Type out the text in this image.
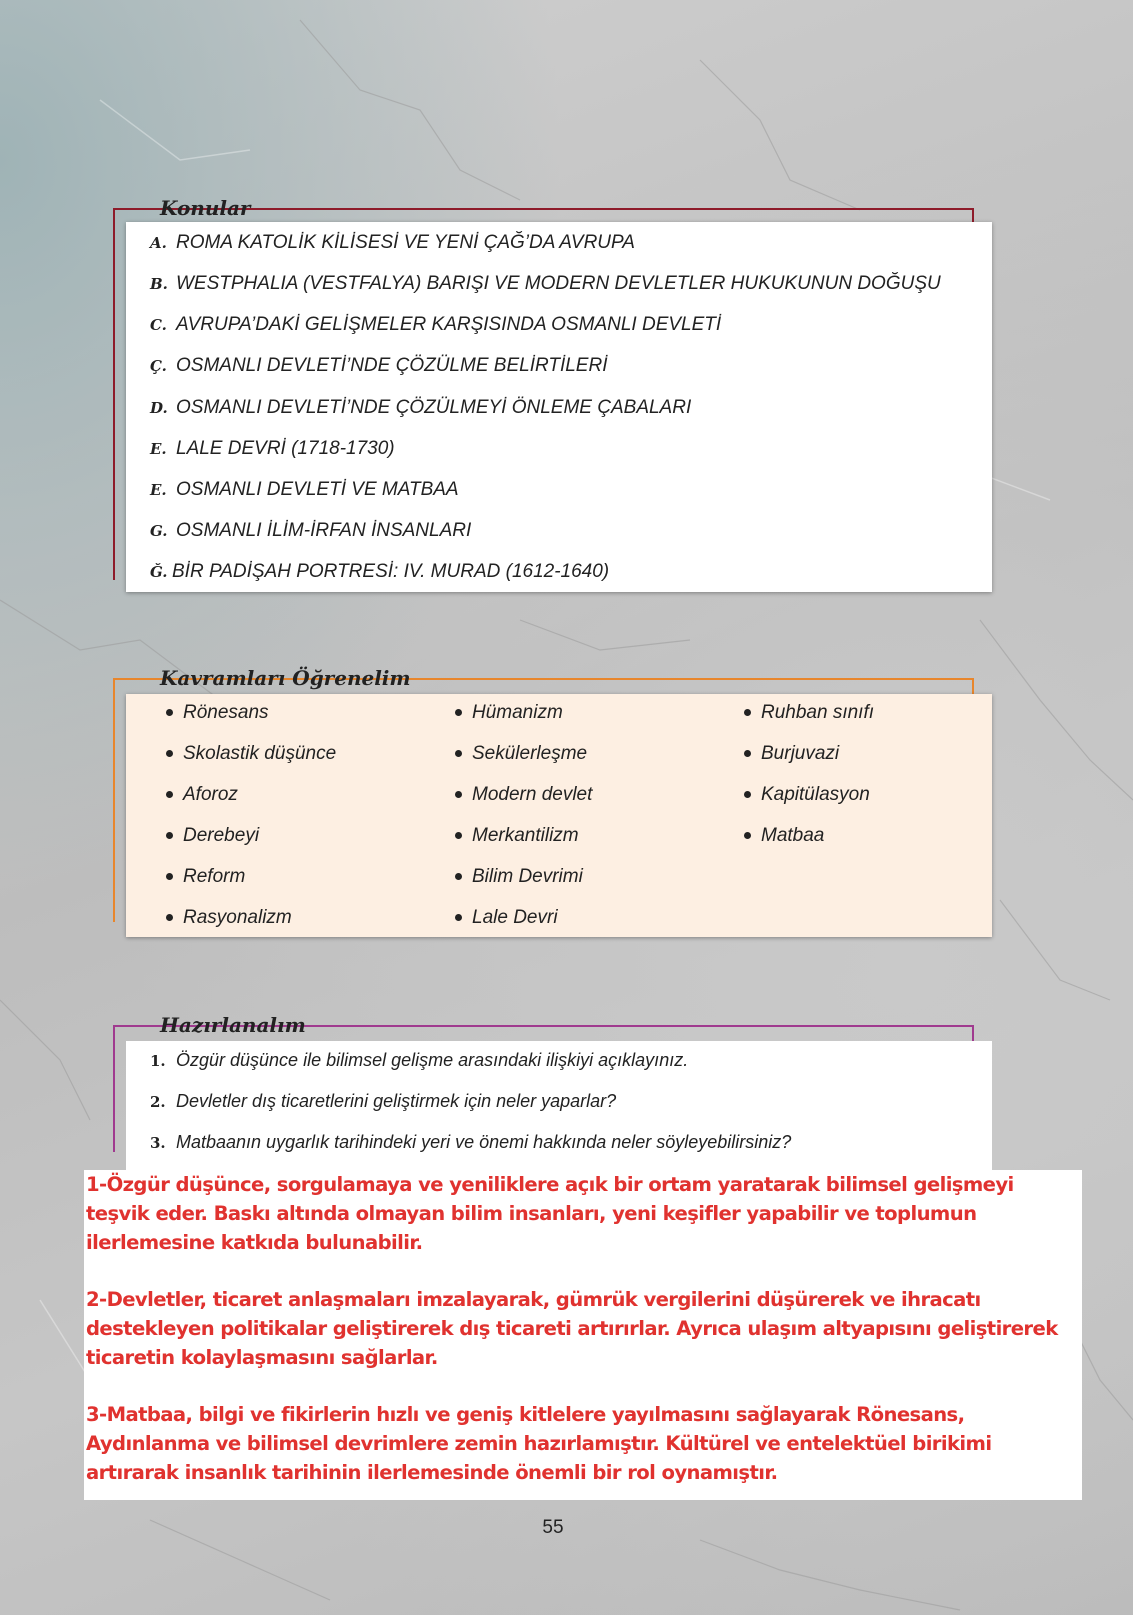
Konular
A. ROMA KATOLİK KİLİSESİ VE YENİ ÇAĞ’DA AVRUPA
B. WESTPHALIA (VESTFALYA) BARIŞI VE MODERN DEVLETLER HUKUKUNUN DOĞUŞU
C. AVRUPA’DAKİ GELİŞMELER KARŞISINDA OSMANLI DEVLETİ
Ç. OSMANLI DEVLETİ’NDE ÇÖZÜLME BELİRTİLERİ
D. OSMANLI DEVLETİ’NDE ÇÖZÜLMEYİ ÖNLEME ÇABALARI
E. LALE DEVRİ (1718-1730)
E. OSMANLI DEVLETİ VE MATBAA
G. OSMANLI İLİM-İRFAN İNSANLARI
Ğ. BİR PADİŞAH PORTRESİ: IV. MURAD (1612-1640)
Kavramları Öğrenelim
Rönesans
Skolastik düşünce
Aforoz
Derebeyi
Reform
Rasyonalizm
Hümanizm
Sekülerleşme
Modern devlet
Merkantilizm
Bilim Devrimi
Lale Devri
Ruhban sınıfı
Burjuvazi
Kapitülasyon
Matbaa
Hazırlanalım
1. Özgür düşünce ile bilimsel gelişme arasındaki ilişkiyi açıklayınız.
2. Devletler dış ticaretlerini geliştirmek için neler yaparlar?
3. Matbaanın uygarlık tarihindeki yeri ve önemi hakkında neler söyleyebilirsiniz?
1-Özgür düşünce, sorgulamaya ve yeniliklere açık bir ortam yaratarak bilimsel gelişmeyi
teşvik eder. Baskı altında olmayan bilim insanları, yeni keşifler yapabilir ve toplumun
ilerlemesine katkıda bulunabilir.
2-Devletler, ticaret anlaşmaları imzalayarak, gümrük vergilerini düşürerek ve ihracatı
destekleyen politikalar geliştirerek dış ticareti artırırlar. Ayrıca ulaşım altyapısını geliştirerek
ticaretin kolaylaşmasını sağlarlar.
3-Matbaa, bilgi ve fikirlerin hızlı ve geniş kitlelere yayılmasını sağlayarak Rönesans,
Aydınlanma ve bilimsel devrimlere zemin hazırlamıştır. Kültürel ve entelektüel birikimi
artırarak insanlık tarihinin ilerlemesinde önemli bir rol oynamıştır.
55
